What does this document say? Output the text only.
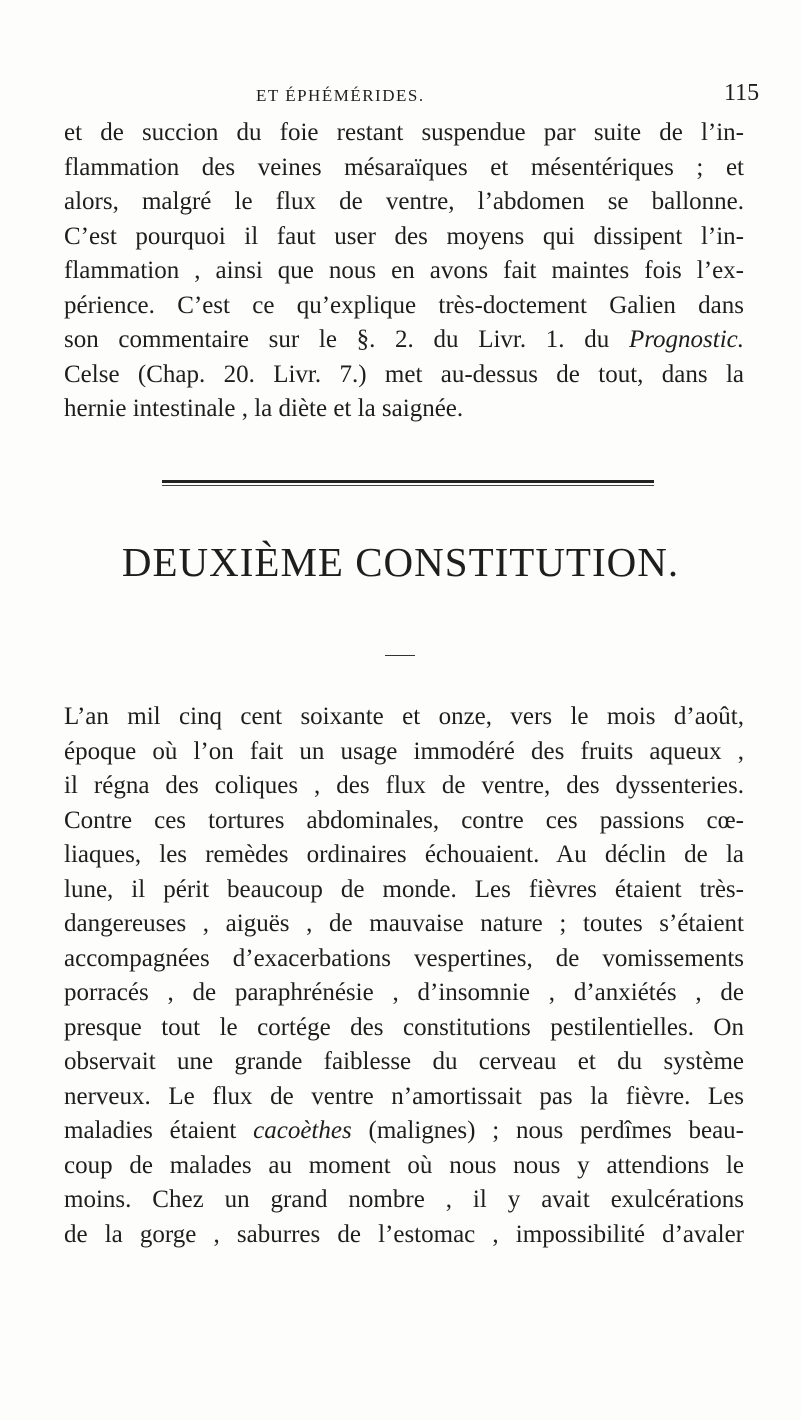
ET ÉPHÉMÉRIDES.	115

et de succion du foie restant suspendue par suite de l’in-
flammation des veines mésaraïques et mésentériques ; et
alors, malgré le flux de ventre, l’abdomen se ballonne.
C’est pourquoi il faut user des moyens qui dissipent l’in-
flammation , ainsi que nous en avons fait maintes fois l’ex-
périence. C’est ce qu’explique très-doctement Galien dans
son commentaire sur le §. 2. du Livr. 1. du Prognostic.
Celse (Chap. 20. Livr. 7.) met au-dessus de tout, dans la
hernie intestinale , la diète et la saignée.

DEUXIÈME CONSTITUTION.

L’an mil cinq cent soixante et onze, vers le mois d’août,
époque où l’on fait un usage immodéré des fruits aqueux ,
il régna des coliques , des flux de ventre, des dyssenteries.
Contre ces tortures abdominales, contre ces passions cœ-
liaques, les remèdes ordinaires échouaient. Au déclin de la
lune, il périt beaucoup de monde. Les fièvres étaient très-
dangereuses , aiguës , de mauvaise nature ; toutes s’étaient
accompagnées d’exacerbations vespertines, de vomissements
porracés , de paraphrénésie , d’insomnie , d’anxiétés , de
presque tout le cortége des constitutions pestilentielles. On
observait une grande faiblesse du cerveau et du système
nerveux. Le flux de ventre n’amortissait pas la fièvre. Les
maladies étaient cacoèthes (malignes) ; nous perdîmes beau-
coup de malades au moment où nous nous y attendions le
moins. Chez un grand nombre , il y avait exulcérations
de la gorge , saburres de l’estomac , impossibilité d’avaler
